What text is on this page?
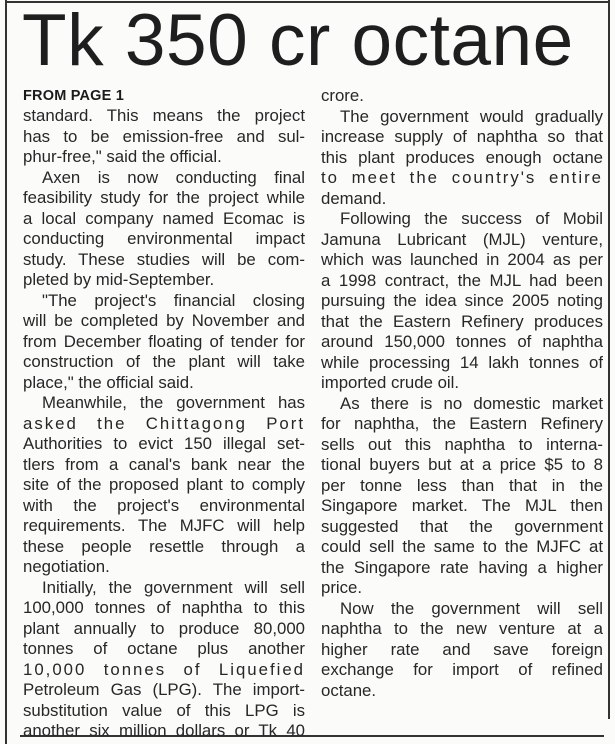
Tk 350 cr octane
FROM PAGE 1
standard. This means the project
has to be emission-free and sul-
phur-free," said the official.
Axen is now conducting final
feasibility study for the project while
a local company named Ecomac is
conducting environmental impact
study. These studies will be com-
pleted by mid-September.
"The project's financial closing
will be completed by November and
from December floating of tender for
construction of the plant will take
place," the official said.
Meanwhile, the government has
asked the Chittagong Port
Authorities to evict 150 illegal set-
tlers from a canal's bank near the
site of the proposed plant to comply
with the project's environmental
requirements. The MJFC will help
these people resettle through a
negotiation.
Initially, the government will sell
100,000 tonnes of naphtha to this
plant annually to produce 80,000
tonnes of octane plus another
10,000 tonnes of Liquefied
Petroleum Gas (LPG). The import-
substitution value of this LPG is
another six million dollars or Tk 40
crore.
The government would gradually
increase supply of naphtha so that
this plant produces enough octane
to meet the country's entire
demand.
Following the success of Mobil
Jamuna Lubricant (MJL) venture,
which was launched in 2004 as per
a 1998 contract, the MJL had been
pursuing the idea since 2005 noting
that the Eastern Refinery produces
around 150,000 tonnes of naphtha
while processing 14 lakh tonnes of
imported crude oil.
As there is no domestic market
for naphtha, the Eastern Refinery
sells out this naphtha to interna-
tional buyers but at a price $5 to 8
per tonne less than that in the
Singapore market. The MJL then
suggested that the government
could sell the same to the MJFC at
the Singapore rate having a higher
price.
Now the government will sell
naphtha to the new venture at a
higher rate and save foreign
exchange for import of refined
octane.
